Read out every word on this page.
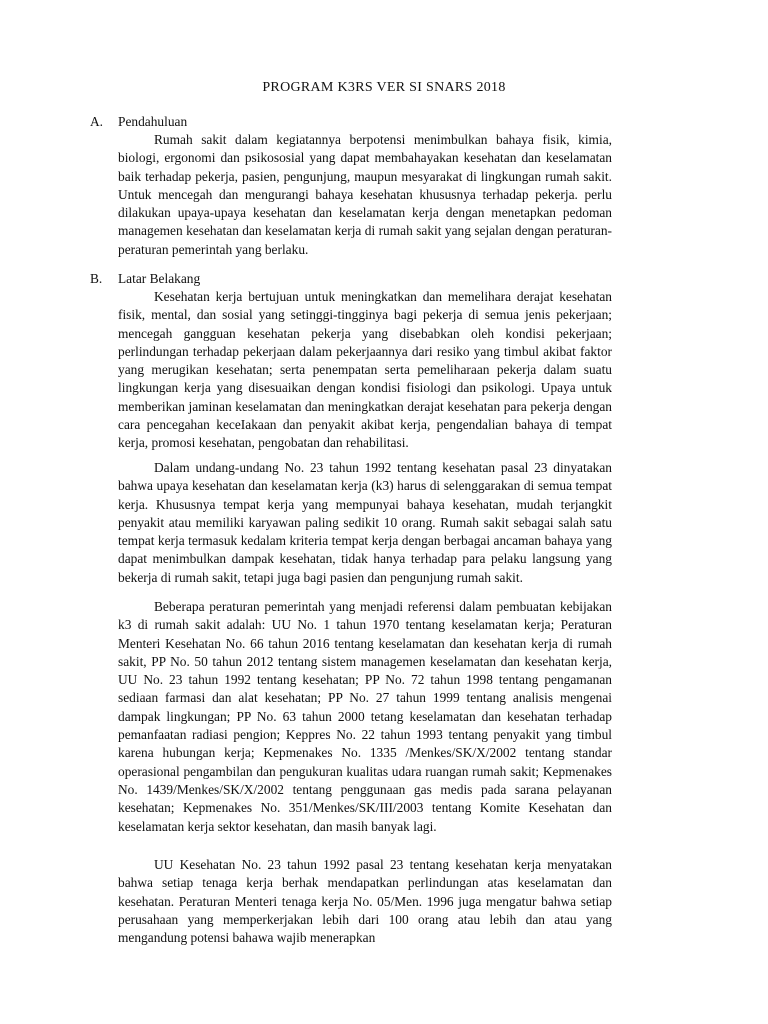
PROGRAM K3RS VER SI SNARS 2018
A. Pendahuluan

Rumah sakit dalam kegiatannya berpotensi menimbulkan bahaya fisik, kimia, biologi, ergonomi dan psikososial yang dapat membahayakan kesehatan dan keselamatan baik terhadap pekerja, pasien, pengunjung, maupun mesyarakat di lingkungan rumah sakit. Untuk mencegah dan mengurangi bahaya kesehatan khususnya terhadap pekerja. perlu dilakukan upaya-upaya kesehatan dan keselamatan kerja dengan menetapkan pedoman managemen kesehatan dan keselamatan kerja di rumah sakit yang sejalan dengan peraturan-peraturan pemerintah yang berlaku.

B. Latar Belakang

Kesehatan kerja bertujuan untuk meningkatkan dan memelihara derajat kesehatan fisik, mental, dan sosial yang setinggi-tingginya bagi pekerja di semua jenis pekerjaan; mencegah gangguan kesehatan pekerja yang disebabkan oleh kondisi pekerjaan; perlindungan terhadap pekerjaan dalam pekerjaannya dari resiko yang timbul akibat faktor yang merugikan kesehatan; serta penempatan serta pemeliharaan pekerja dalam suatu lingkungan kerja yang disesuaikan dengan kondisi fisiologi dan psikologi. Upaya untuk memberikan jaminan keselamatan dan meningkatkan derajat kesehatan para pekerja dengan cara pencegahan keceIakaan dan penyakit akibat kerja, pengendalian bahaya di tempat kerja, promosi kesehatan, pengobatan dan rehabilitasi.

Dalam undang-undang No. 23 tahun 1992 tentang kesehatan pasal 23 dinyatakan bahwa upaya kesehatan dan keselamatan kerja (k3) harus di selenggarakan di semua tempat kerja. Khususnya tempat kerja yang mempunyai bahaya kesehatan, mudah terjangkit penyakit atau memiliki karyawan paling sedikit 10 orang. Rumah sakit sebagai salah satu tempat kerja termasuk kedalam kriteria tempat kerja dengan berbagai ancaman bahaya yang dapat menimbulkan dampak kesehatan, tidak hanya terhadap para pelaku langsung yang bekerja di rumah sakit, tetapi juga bagi pasien dan pengunjung rumah sakit.

Beberapa peraturan pemerintah yang menjadi referensi dalam pembuatan kebijakan k3 di rumah sakit adalah: UU No. 1 tahun 1970 tentang keselamatan kerja; Peraturan Menteri Kesehatan No. 66 tahun 2016 tentang keselamatan dan kesehatan kerja di rumah sakit, PP No. 50 tahun 2012 tentang sistem managemen keselamatan dan kesehatan kerja, UU No. 23 tahun 1992 tentang kesehatan; PP No. 72 tahun 1998 tentang pengamanan sediaan farmasi dan alat kesehatan; PP No. 27 tahun 1999 tentang analisis mengenai dampak lingkungan; PP No. 63 tahun 2000 tetang keselamatan dan kesehatan terhadap pemanfaatan radiasi pengion; Keppres No. 22 tahun 1993 tentang penyakit yang timbul karena hubungan kerja; Kepmenakes No. 1335 /Menkes/SK/X/2002 tentang standar operasional pengambilan dan pengukuran kualitas udara ruangan rumah sakit; Kepmenakes No. 1439/Menkes/SK/X/2002 tentang penggunaan gas medis pada sarana pelayanan kesehatan; Kepmenakes No. 351/Menkes/SK/III/2003 tentang Komite Kesehatan dan keselamatan kerja sektor kesehatan, dan masih banyak lagi.

UU Kesehatan No. 23 tahun 1992 pasal 23 tentang kesehatan kerja menyatakan bahwa setiap tenaga kerja berhak mendapatkan perlindungan atas keselamatan dan kesehatan. Peraturan Menteri tenaga kerja No. 05/Men. 1996 juga mengatur bahwa setiap perusahaan yang memperkerjakan lebih dari 100 orang atau lebih dan atau yang mengandung potensi bahawa wajib menerapkan
